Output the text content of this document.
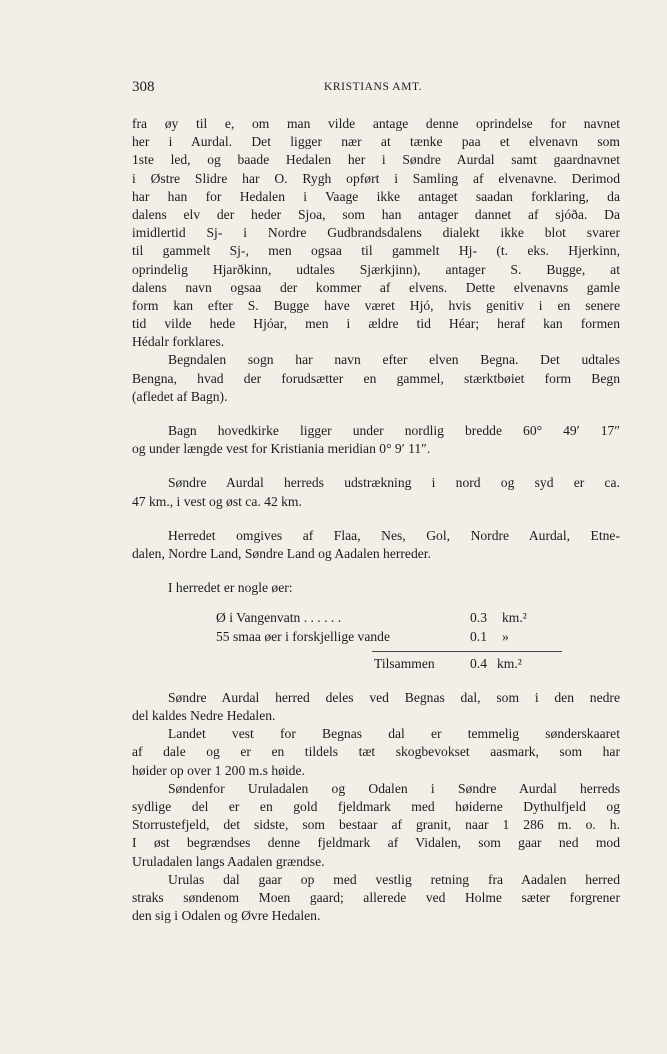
308	KRISTIANS AMT.
fra øy til e, om man vilde antage denne oprindelse for navnet
her i Aurdal. Det ligger nær at tænke paa et elvenavn som
1ste led, og baade Hedalen her i Søndre Aurdal samt gaardnavnet
i Østre Slidre har O. Rygh opført i Samling af elvenavne. Derimod
har han for Hedalen i Vaage ikke antaget saadan forklaring, da
dalens elv der heder Sjoa, som han antager dannet af sjóða. Da
imidlertid Sj- i Nordre Gudbrandsdalens dialekt ikke blot svarer
til gammelt Sj-, men ogsaa til gammelt Hj- (t. eks. Hjerkinn,
oprindelig Hjarðkinn, udtales Sjærkjinn), antager S. Bugge, at
dalens navn ogsaa der kommer af elvens. Dette elvenavns gamle
form kan efter S. Bugge have været Hjó, hvis genitiv i en senere
tid vilde hede Hjóar, men i ældre tid Héar; heraf kan formen
Hédalr forklares.
Begndalen sogn har navn efter elven Begna. Det udtales
Bengna, hvad der forudsætter en gammel, stærktbøiet form Begn
(afledet af Bagn).
Bagn hovedkirke ligger under nordlig bredde 60° 49′ 17″
og under længde vest for Kristiania meridian 0° 9′ 11″.
Søndre Aurdal herreds udstrækning i nord og syd er ca.
47 km., i vest og øst ca. 42 km.
Herredet omgives af Flaa, Nes, Gol, Nordre Aurdal, Etne-
dalen, Nordre Land, Søndre Land og Aadalen herreder.
I herredet er nogle øer:
Ø i Vangenvatn . . . . . .	0.3 km.²
55 smaa øer i forskjellige vande	0.1 »
Tilsammen	0.4 km.²
Søndre Aurdal herred deles ved Begnas dal, som i den nedre
del kaldes Nedre Hedalen.
Landet vest for Begnas dal er temmelig sønderskaaret
af dale og er en tildels tæt skogbevokset aasmark, som har
høider op over 1 200 m.s høide.
Søndenfor Uruladalen og Odalen i Søndre Aurdal herreds
sydlige del er en gold fjeldmark med høiderne Dythulfjeld og
Storrustefjeld, det sidste, som bestaar af granit, naar 1 286 m. o. h.
I øst begrændses denne fjeldmark af Vidalen, som gaar ned mod
Uruladalen langs Aadalen grændse.
Urulas dal gaar op med vestlig retning fra Aadalen herred
straks søndenom Moen gaard; allerede ved Holme sæter forgrener
den sig i Odalen og Øvre Hedalen.
